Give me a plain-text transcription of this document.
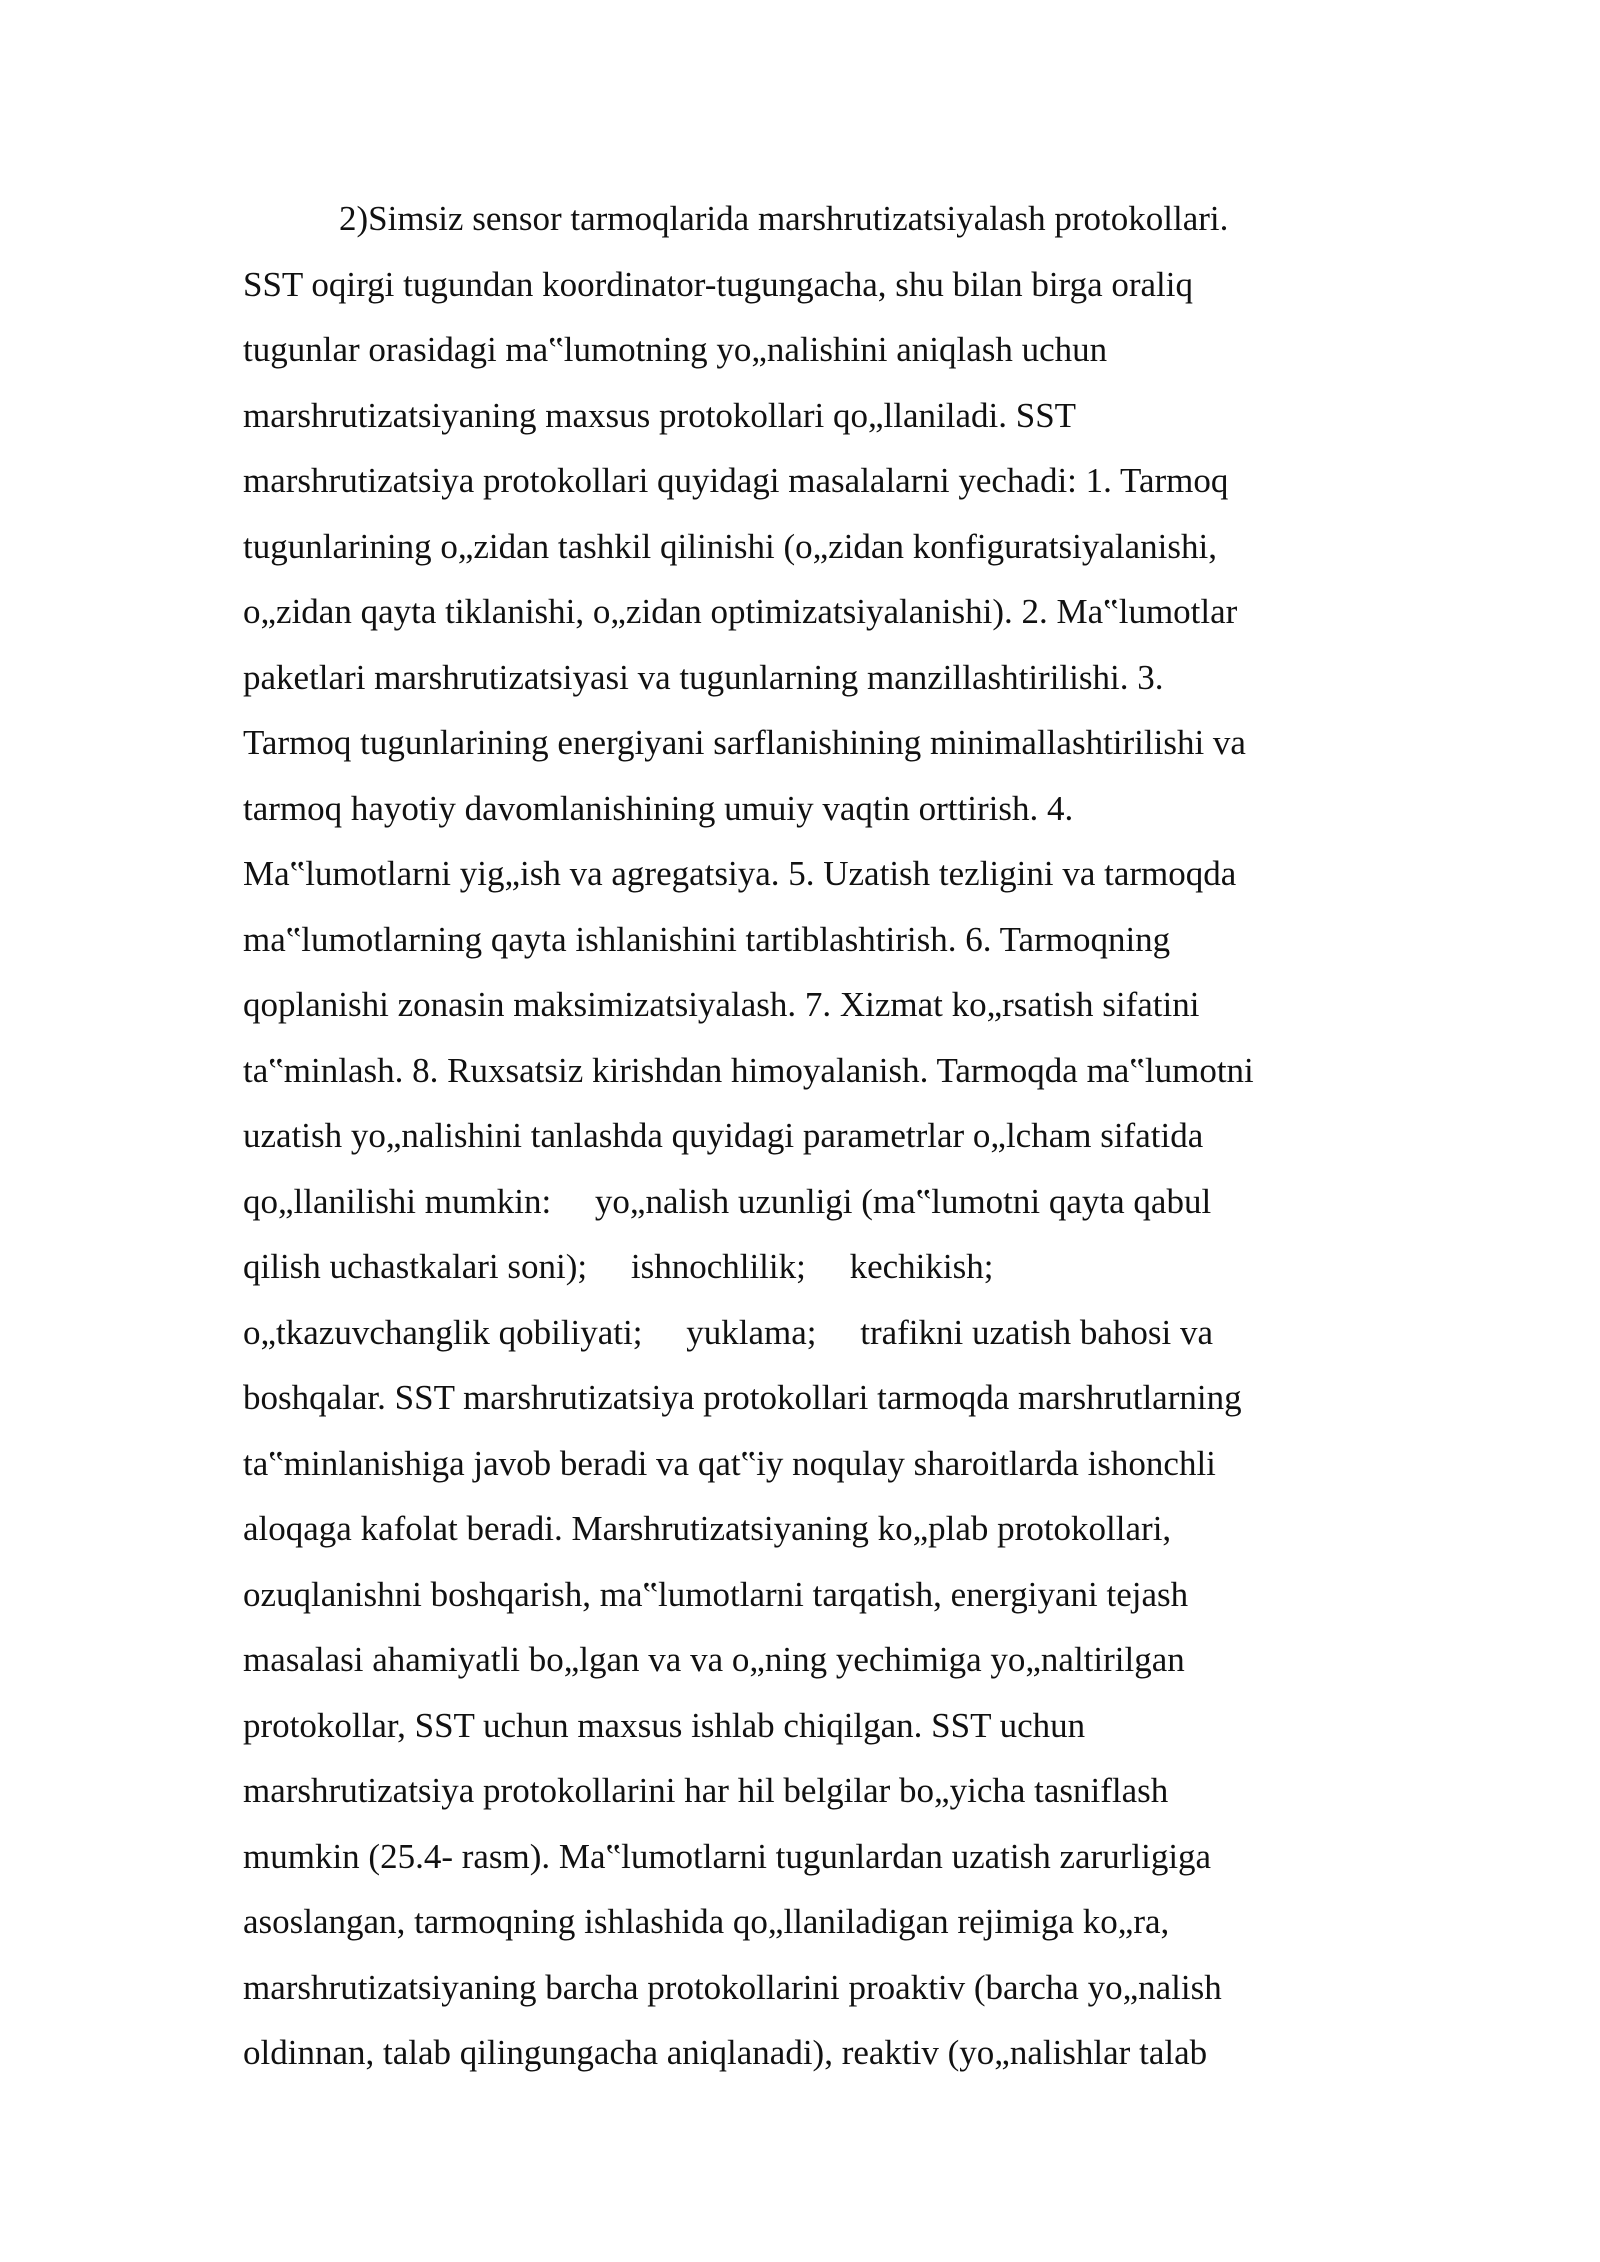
2)Simsiz sensor tarmoqlarida marshrutizatsiyalash protokollari.
SST oqirgi tugundan koordinator-tugungacha, shu bilan birga oraliq
tugunlar orasidagi ma‟lumotning yo„nalishini aniqlash uchun
marshrutizatsiyaning maxsus protokollari qo„llaniladi. SST
marshrutizatsiya protokollari quyidagi masalalarni yechadi: 1. Tarmoq
tugunlarining o„zidan tashkil qilinishi (o„zidan konfiguratsiyalanishi,
o„zidan qayta tiklanishi, o„zidan optimizatsiyalanishi). 2. Ma‟lumotlar
paketlari marshrutizatsiyasi va tugunlarning manzillashtirilishi. 3.
Tarmoq tugunlarining energiyani sarflanishining minimallashtirilishi va
tarmoq hayotiy davomlanishining umuiy vaqtin orttirish. 4.
Ma‟lumotlarni yig„ish va agregatsiya. 5. Uzatish tezligini va tarmoqda
ma‟lumotlarning qayta ishlanishini tartiblashtirish. 6. Tarmoqning
qoplanishi zonasin maksimizatsiyalash. 7. Xizmat ko„rsatish sifatini
ta‟minlash. 8. Ruxsatsiz kirishdan himoyalanish. Tarmoqda ma‟lumotni
uzatish yo„nalishini tanlashda quyidagi parametrlar o„lcham sifatida
qo„llanilishi mumkin:     yo„nalish uzunligi (ma‟lumotni qayta qabul
qilish uchastkalari soni);     ishnochlilik;     kechikish;
o„tkazuvchanglik qobiliyati;     yuklama;     trafikni uzatish bahosi va
boshqalar. SST marshrutizatsiya protokollari tarmoqda marshrutlarning
ta‟minlanishiga javob beradi va qat‟iy noqulay sharoitlarda ishonchli
aloqaga kafolat beradi. Marshrutizatsiyaning ko„plab protokollari,
ozuqlanishni boshqarish, ma‟lumotlarni tarqatish, energiyani tejash
masalasi ahamiyatli bo„lgan va va o„ning yechimiga yo„naltirilgan
protokollar, SST uchun maxsus ishlab chiqilgan. SST uchun
marshrutizatsiya protokollarini har hil belgilar bo„yicha tasniflash
mumkin (25.4- rasm). Ma‟lumotlarni tugunlardan uzatish zarurligiga
asoslangan, tarmoqning ishlashida qo„llaniladigan rejimiga ko„ra,
marshrutizatsiyaning barcha protokollarini proaktiv (barcha yo„nalish
oldinnan, talab qilingungacha aniqlanadi), reaktiv (yo„nalishlar talab
